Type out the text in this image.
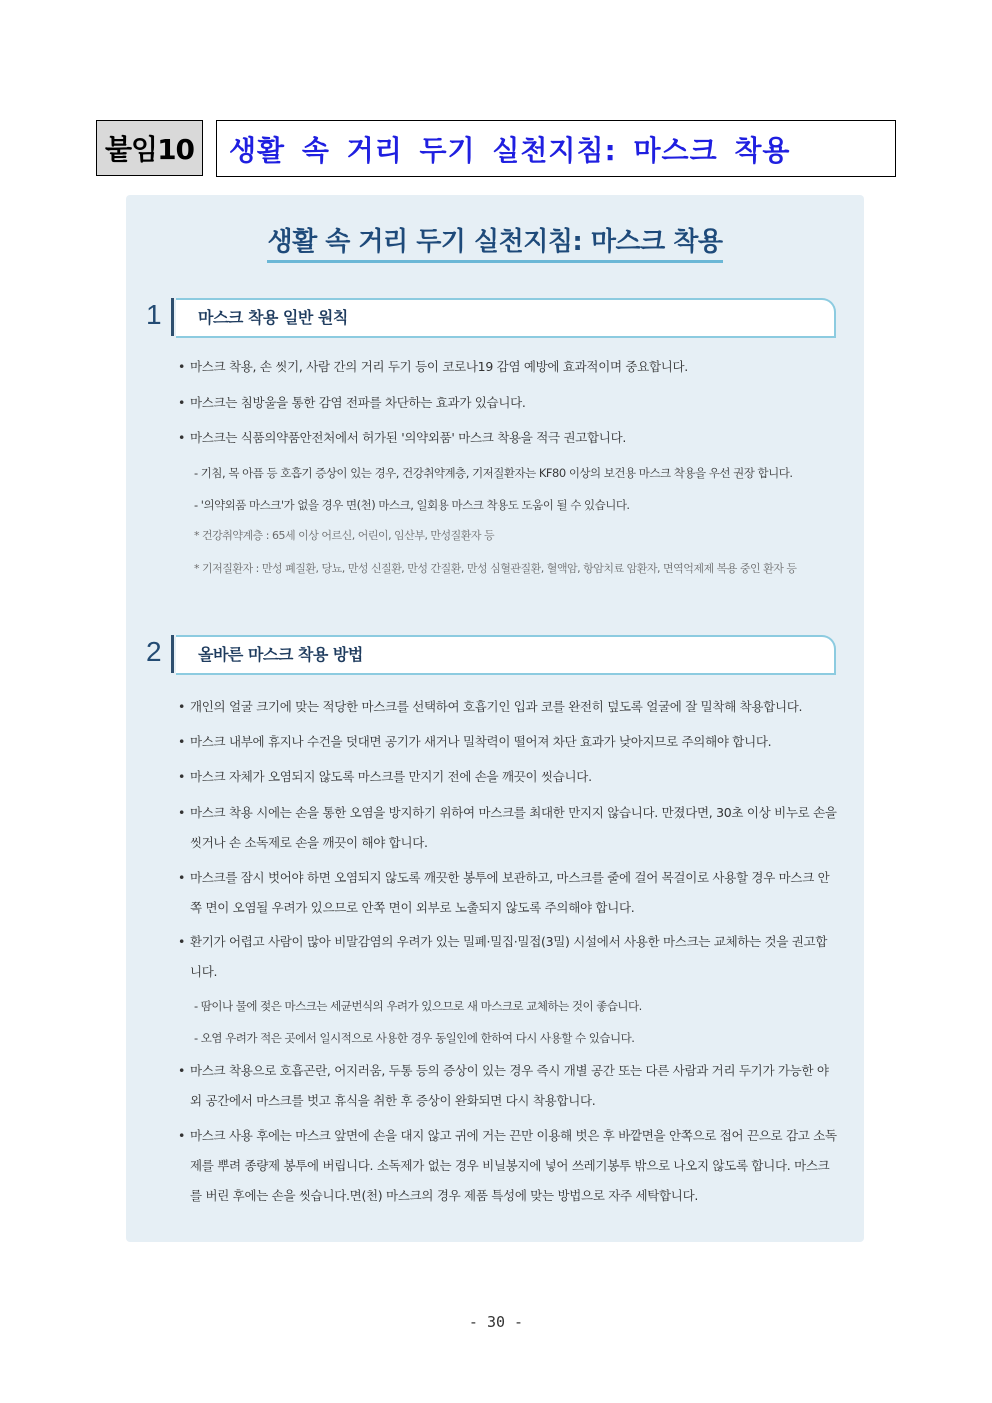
붙임10	생활 속 거리 두기 실천지침: 마스크 착용
생활 속 거리 두기 실천지침: 마스크 착용
1 마스크 착용 일반 원칙
• 마스크 착용, 손 씻기, 사람 간의 거리 두기 등이 코로나19 감염 예방에 효과적이며 중요합니다.
• 마스크는 침방울을 통한 감염 전파를 차단하는 효과가 있습니다.
• 마스크는 식품의약품안전처에서 허가된 '의약외품' 마스크 착용을 적극 권고합니다.
- 기침, 목 아픔 등 호흡기 증상이 있는 경우, 건강취약계층, 기저질환자는 KF80 이상의 보건용 마스크 착용을 우선 권장 합니다.
- '의약외품 마스크'가 없을 경우 면(천) 마스크, 일회용 마스크 착용도 도움이 될 수 있습니다.
* 건강취약계층 : 65세 이상 어르신, 어린이, 임산부, 만성질환자 등
* 기저질환자 : 만성 폐질환, 당뇨, 만성 신질환, 만성 간질환, 만성 심혈관질환, 혈액암, 항암치료 암환자, 면역억제제 복용 중인 환자 등
2 올바른 마스크 착용 방법
• 개인의 얼굴 크기에 맞는 적당한 마스크를 선택하여 호흡기인 입과 코를 완전히 덮도록 얼굴에 잘 밀착해 착용합니다.
• 마스크 내부에 휴지나 수건을 덧대면 공기가 새거나 밀착력이 떨어져 차단 효과가 낮아지므로 주의해야 합니다.
• 마스크 자체가 오염되지 않도록 마스크를 만지기 전에 손을 깨끗이 씻습니다.
• 마스크 착용 시에는 손을 통한 오염을 방지하기 위하여 마스크를 최대한 만지지 않습니다. 만졌다면, 30초 이상 비누로 손을 씻거나 손 소독제로 손을 깨끗이 해야 합니다.
• 마스크를 잠시 벗어야 하면 오염되지 않도록 깨끗한 봉투에 보관하고, 마스크를 줄에 걸어 목걸이로 사용할 경우 마스크 안쪽 면이 오염될 우려가 있으므로 안쪽 면이 외부로 노출되지 않도록 주의해야 합니다.
• 환기가 어렵고 사람이 많아 비말감염의 우려가 있는 밀폐·밀집·밀접(3밀) 시설에서 사용한 마스크는 교체하는 것을 권고합니다.
- 땀이나 물에 젖은 마스크는 세균번식의 우려가 있으므로 새 마스크로 교체하는 것이 좋습니다.
- 오염 우려가 적은 곳에서 일시적으로 사용한 경우 동일인에 한하여 다시 사용할 수 있습니다.
• 마스크 착용으로 호흡곤란, 어지러움, 두통 등의 증상이 있는 경우 즉시 개별 공간 또는 다른 사람과 거리 두기가 가능한 야외 공간에서 마스크를 벗고 휴식을 취한 후 증상이 완화되면 다시 착용합니다.
• 마스크 사용 후에는 마스크 앞면에 손을 대지 않고 귀에 거는 끈만 이용해 벗은 후 바깥면을 안쪽으로 접어 끈으로 감고 소독제를 뿌려 종량제 봉투에 버립니다. 소독제가 없는 경우 비닐봉지에 넣어 쓰레기봉투 밖으로 나오지 않도록 합니다. 마스크를 버린 후에는 손을 씻습니다.면(천) 마스크의 경우 제품 특성에 맞는 방법으로 자주 세탁합니다.
- 30 -
